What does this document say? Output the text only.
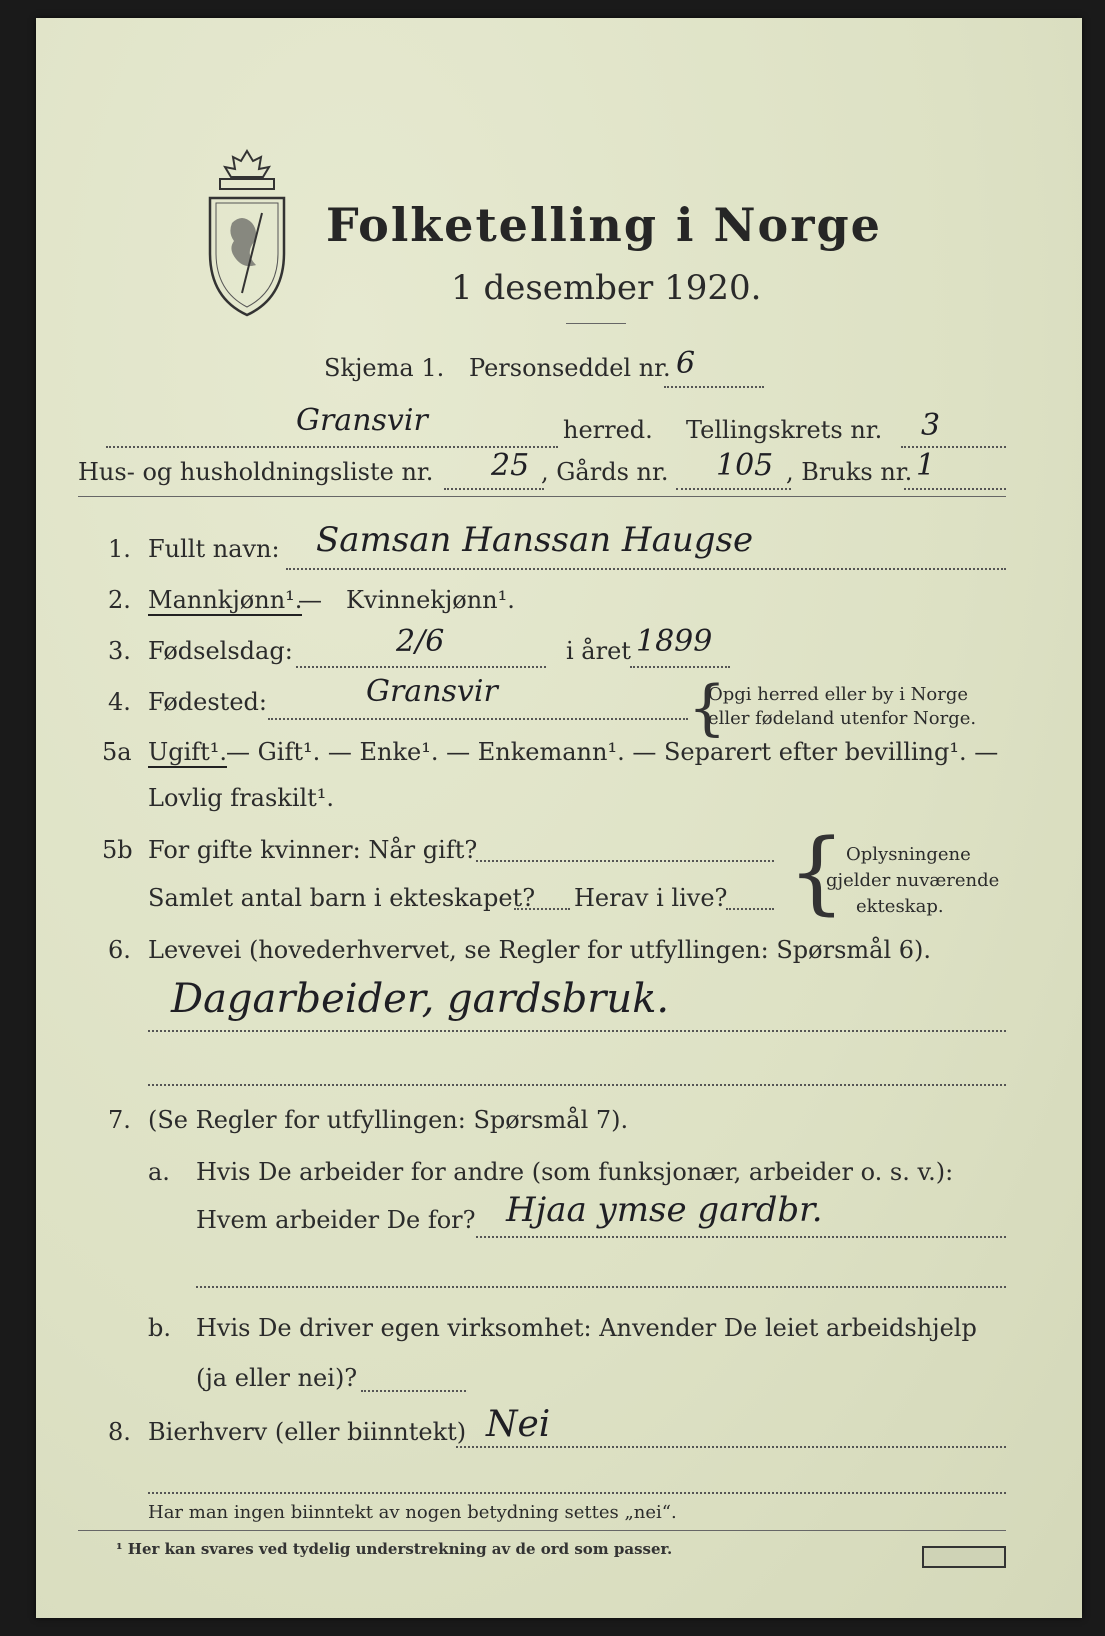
Folketelling i Norge
1 desember 1920.
Skjema 1. Personseddel nr. 6
Gransvir	herred. Tellingskrets nr. 3
Hus- og husholdningsliste nr. 25 , Gårds nr. 105 , Bruks nr. 1
1. Fullt navn: Samsan Hanssan Haugse
2. Mannkjønn¹.
— Kvinnekjønn¹.
3. Fødselsdag:	2/6	i året 1899
4. Fødested:	Gransvir	{
Opgi herred eller by i Norge
eller fødeland utenfor Norge.
5a Ugift¹.
— Gift¹. — Enke¹. — Enkemann¹. — Separert efter bevilling¹. —
Lovlig fraskilt¹.
5b For gifte kvinner: Når gift?
Samlet antal barn i ekteskapet? Herav i live? { Oplysningene
gjelder nuværende
ekteskap.
6. Levevei (hovederhvervet, se Regler for utfyllingen: Spørsmål 6).
Dagarbeider, gardsbruk.
7. (Se Regler for utfyllingen: Spørsmål 7).
a. Hvis De arbeider for andre (som funksjonær, arbeider o. s. v.):
Hvem arbeider De for? Hjaa ymse gardbr.
b. Hvis De driver egen virksomhet: Anvender De leiet arbeidshjelp
(ja eller nei)?
8. Bierhverv (eller biinntekt) Nei
Har man ingen biinntekt av nogen betydning settes „nei“.
¹ Her kan svares ved tydelig understrekning av de ord som passer.
